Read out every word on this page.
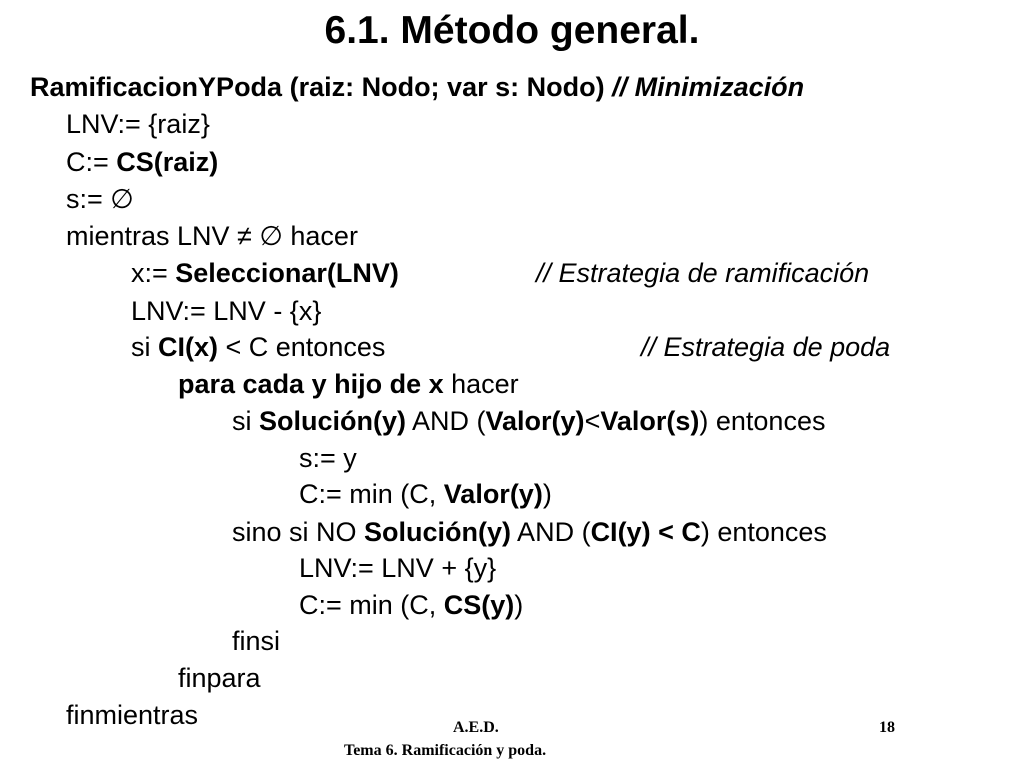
6.1. Método general.
RamificacionYPoda (raiz: Nodo; var s: Nodo) // Minimización
LNV:= {raiz}
C:= CS(raiz)
s:= ∅
mientras LNV ≠ ∅ hacer
x:= Seleccionar(LNV)	// Estrategia de ramificación
LNV:= LNV - {x}
si CI(x) < C entonces	// Estrategia de poda
para cada y hijo de x hacer
si Solución(y) AND (Valor(y)<Valor(s)) entonces
s:= y
C:= min (C, Valor(y))
sino si NO Solución(y) AND (CI(y) < C) entonces
LNV:= LNV + {y}
C:= min (C, CS(y))
finsi
finpara
finmientras	A.E.D.	18
Tema 6. Ramificación y poda.
